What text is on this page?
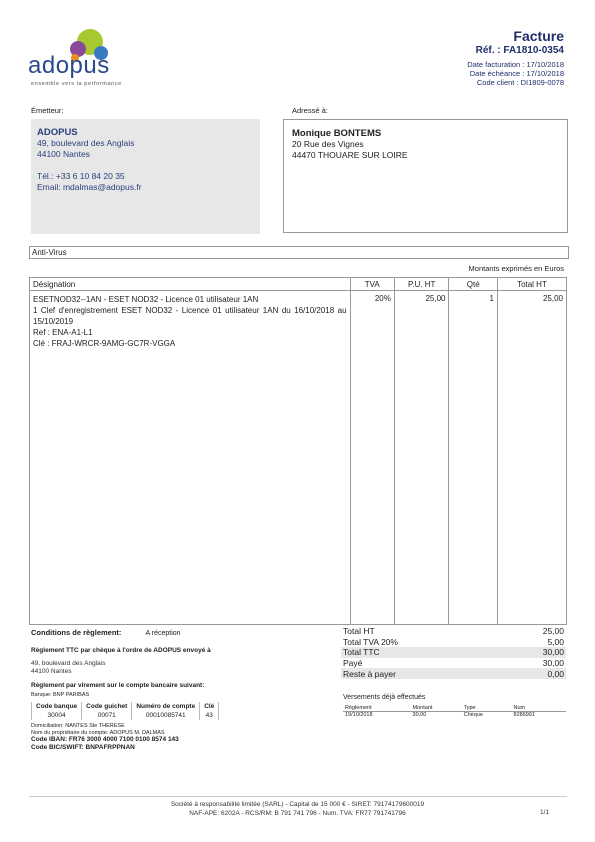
adopus
ensemble vers la performance
Facture
Réf. : FA1810-0354
Date facturation : 17/10/2018
Date échéance : 17/10/2018
Code client : DI1809-0078
Émetteur:
ADOPUS
49, boulevard des Anglais
44100 Nantes

Tél.: +33 6 10 84 20 35
Email: mdalmas@adopus.fr
Adressé à:
Monique BONTEMS
20 Rue des Vignes
44470 THOUARE SUR LOIRE
Anti-Virus
Montants exprimés en Euros
Désignation	TVA	P.U. HT	Qté	Total HT

ESETNOD32--1AN - ESET NOD32 - Licence 01 utilisateur 1AN
1 Clef d'enregistrement ESET NOD32 - Licence 01 utilisateur 1AN du 16/10/2018 au 15/10/2019
Ref : ENA-A1-L1
Clé : FRAJ-WRCR-9AMG-GC7R-VGGA	20%	25,00	1	25,00

Conditions de règlement:	A réception
Règlement TTC par chèque à l'ordre de ADOPUS envoyé à
49, boulevard des Anglais
44100 Nantes
Règlement par virement sur le compte bancaire suivant:
Banque: BNP PARIBAS
Code banque	Code guichet	Numéro de compte	Clé
30004	00071	00010085741	43
Domiciliation: NANTES Ste THERESE
Nom du propriétaire du compte: ADOPUS M. DALMAS
Code IBAN: FR76 3000 4000 7100 0100 8574 143
Code BIC/SWIFT: BNPAFRPPNAN
Total HT	25,00
Total TVA 20%	5,00
Total TTC	30,00
Payé	30,00
Reste à payer	0,00
Versements déjà effectués
Règlement	Montant	Type	Num
19/10/2018	30,00	Chèque	8286991
Société à responsabilité limitée (SARL) - Capital de 15 000 € - SIRET: 79174179600019
NAF-APE: 6202A - RCS/RM: B 791 741 796 - Num. TVA: FR77 791741796	1/1
